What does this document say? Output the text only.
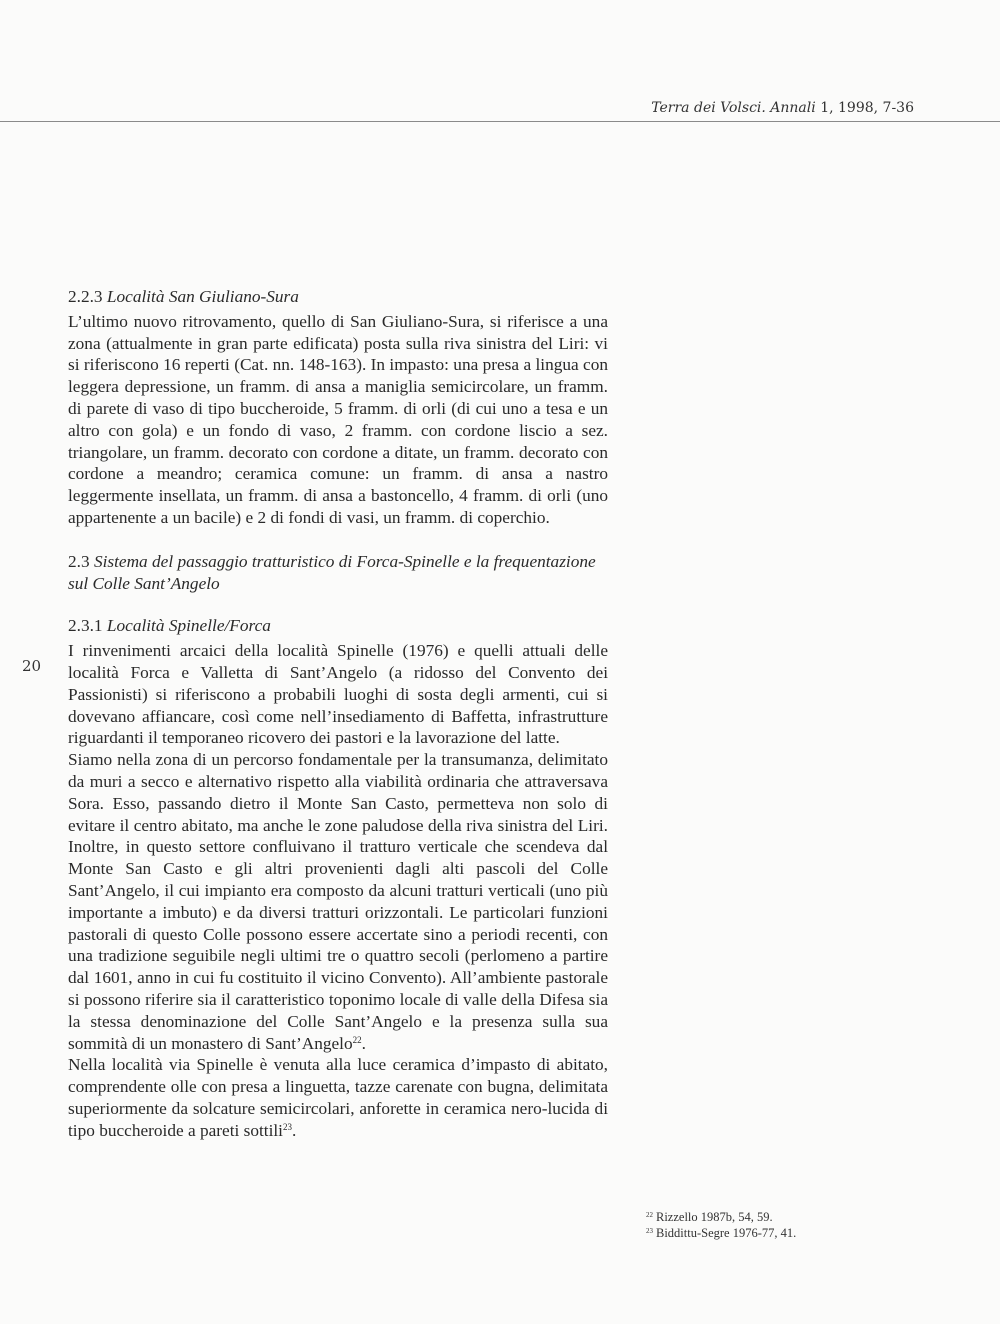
Terra dei Volsci. Annali 1, 1998, 7-36
20
2.2.3 Località San Giuliano-Sura

L’ultimo nuovo ritrovamento, quello di San Giuliano-Sura, si riferisce a una zona (attualmente in gran parte edificata) posta sulla riva sinistra del Liri: vi si riferiscono 16 reperti (Cat. nn. 148-163). In impasto: una presa a lingua con leggera depressione, un framm. di ansa a maniglia semicircolare, un framm. di parete di vaso di tipo buccheroide, 5 framm. di orli (di cui uno a tesa e un altro con gola) e un fondo di vaso, 2 framm. con cordone liscio a sez. triangolare, un framm. decorato con cordone a ditate, un framm. decorato con cordone a meandro; ceramica comune: un framm. di ansa a nastro leggermente insellata, un framm. di ansa a bastoncello, 4 framm. di orli (uno appartenente a un bacile) e 2 di fondi di vasi, un framm. di coperchio.

2.3 Sistema del passaggio tratturistico di Forca-Spinelle e la frequentazione sul Colle Sant’Angelo
2.3.1 Località Spinelle/Forca

I rinvenimenti arcaici della località Spinelle (1976) e quelli attuali delle località Forca e Valletta di Sant’Angelo (a ridosso del Convento dei Passionisti) si riferiscono a probabili luoghi di sosta degli armenti, cui si dovevano affiancare, così come nell’insediamento di Baffetta, infrastrutture riguardanti il temporaneo ricovero dei pastori e la lavorazione del latte.

Siamo nella zona di un percorso fondamentale per la transumanza, delimitato da muri a secco e alternativo rispetto alla viabilità ordinaria che attraversava Sora. Esso, passando dietro il Monte San Casto, permetteva non solo di evitare il centro abitato, ma anche le zone paludose della riva sinistra del Liri. Inoltre, in questo settore confluivano il tratturo verticale che scendeva dal Monte San Casto e gli altri provenienti dagli alti pascoli del Colle Sant’Angelo, il cui impianto era composto da alcuni tratturi verticali (uno più importante a imbuto) e da diversi tratturi orizzontali. Le particolari funzioni pastorali di questo Colle possono essere accertate sino a periodi recenti, con una tradizione seguibile negli ultimi tre o quattro secoli (perlomeno a partire dal 1601, anno in cui fu costituito il vicino Convento). All’ambiente pastorale si possono riferire sia il caratteristico toponimo locale di valle della Difesa sia la stessa denominazione del Colle Sant’Angelo e la presenza sulla sua sommità di un monastero di Sant’Angelo$^{22}$.

Nella località via Spinelle è venuta alla luce ceramica d’impasto di abitato, comprendente olle con presa a linguetta, tazze carenate con bugna, delimitata superiormente da solcature semicircolari, anforette in ceramica nero-lucida di tipo buccheroide a pareti sottili$^{23}$.

$^{22}$ Rizzello 1987b, 54, 59.
$^{23}$ Biddittu-Segre 1976-77, 41.
